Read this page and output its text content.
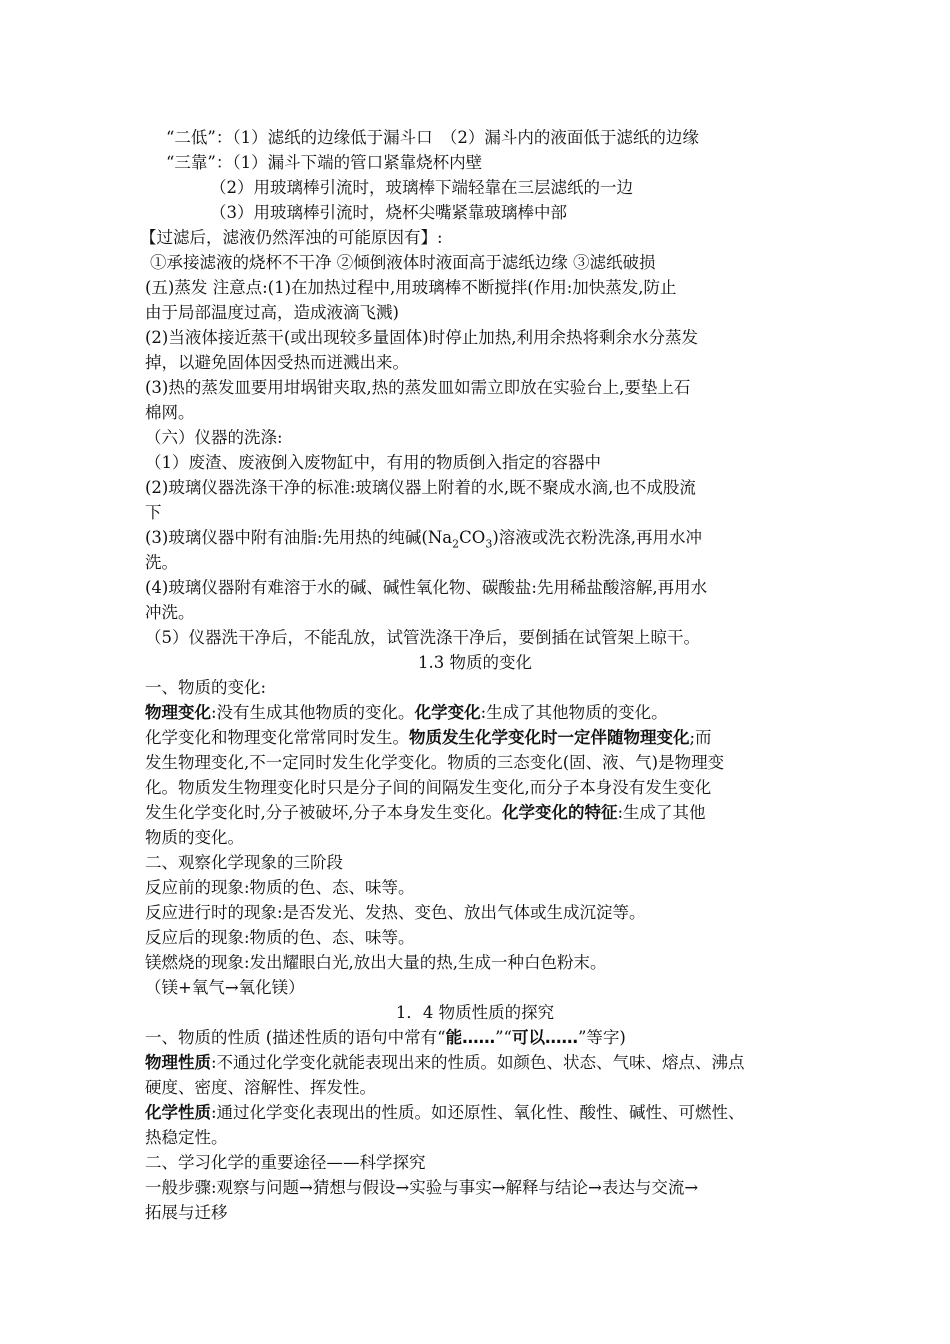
“二低”：（1）滤纸的边缘低于漏斗口　（2）漏斗内的液面低于滤纸的边缘
“三靠”：（1）漏斗下端的管口紧靠烧杯内壁
（2）用玻璃棒引流时，玻璃棒下端轻靠在三层滤纸的一边
（3）用玻璃棒引流时，烧杯尖嘴紧靠玻璃棒中部
【过滤后，滤液仍然浑浊的可能原因有】:
①承接滤液的烧杯不干净 ②倾倒液体时液面高于滤纸边缘 ③滤纸破损
(五)蒸发 注意点:(1)在加热过程中,用玻璃棒不断搅拌(作用:加快蒸发,防止
由于局部温度过高，造成液滴飞溅)
(2)当液体接近蒸干(或出现较多量固体)时停止加热,利用余热将剩余水分蒸发
掉，以避免固体因受热而迸溅出来。
(3)热的蒸发皿要用坩埚钳夹取,热的蒸发皿如需立即放在实验台上,要垫上石
棉网。
（六）仪器的洗涤:
（1）废渣、废液倒入废物缸中，有用的物质倒入指定的容器中
(2)玻璃仪器洗涤干净的标准:玻璃仪器上附着的水,既不聚成水滴,也不成股流
下
(3)玻璃仪器中附有油脂:先用热的纯碱$(Na_2CO_3)$溶液或洗衣粉洗涤,再用水冲
洗。
(4)玻璃仪器附有难溶于水的碱、碱性氧化物、碳酸盐:先用稀盐酸溶解,再用水
冲洗。
（5）仪器洗干净后，不能乱放，试管洗涤干净后，要倒插在试管架上晾干。
1.3 物质的变化
一、物质的变化:
物理变化:没有生成其他物质的变化。化学变化:生成了其他物质的变化。
化学变化和物理变化常常同时发生。物质发生化学变化时一定伴随物理变化;而
发生物理变化,不一定同时发生化学变化。物质的三态变化(固、液、气)是物理变
化。物质发生物理变化时只是分子间的间隔发生变化,而分子本身没有发生变化
发生化学变化时,分子被破坏,分子本身发生变化。化学变化的特征:生成了其他
物质的变化。
二、观察化学现象的三阶段
反应前的现象:物质的色、态、味等。
反应进行时的现象:是否发光、发热、变色、放出气体或生成沉淀等。
反应后的现象:物质的色、态、味等。
镁燃烧的现象:发出耀眼白光,放出大量的热,生成一种白色粉末。
（镁+氧气→氧化镁）
1．4 物质性质的探究
一、物质的性质 (描述性质的语句中常有“能……”“可以……”等字)
物理性质:不通过化学变化就能表现出来的性质。如颜色、状态、气味、熔点、沸点
硬度、密度、溶解性、挥发性。
化学性质:通过化学变化表现出的性质。如还原性、氧化性、酸性、碱性、可燃性、
热稳定性。
二、学习化学的重要途径——科学探究
一般步骤:观察与问题→猜想与假设→实验与事实→解释与结论→表达与交流→
拓展与迁移
